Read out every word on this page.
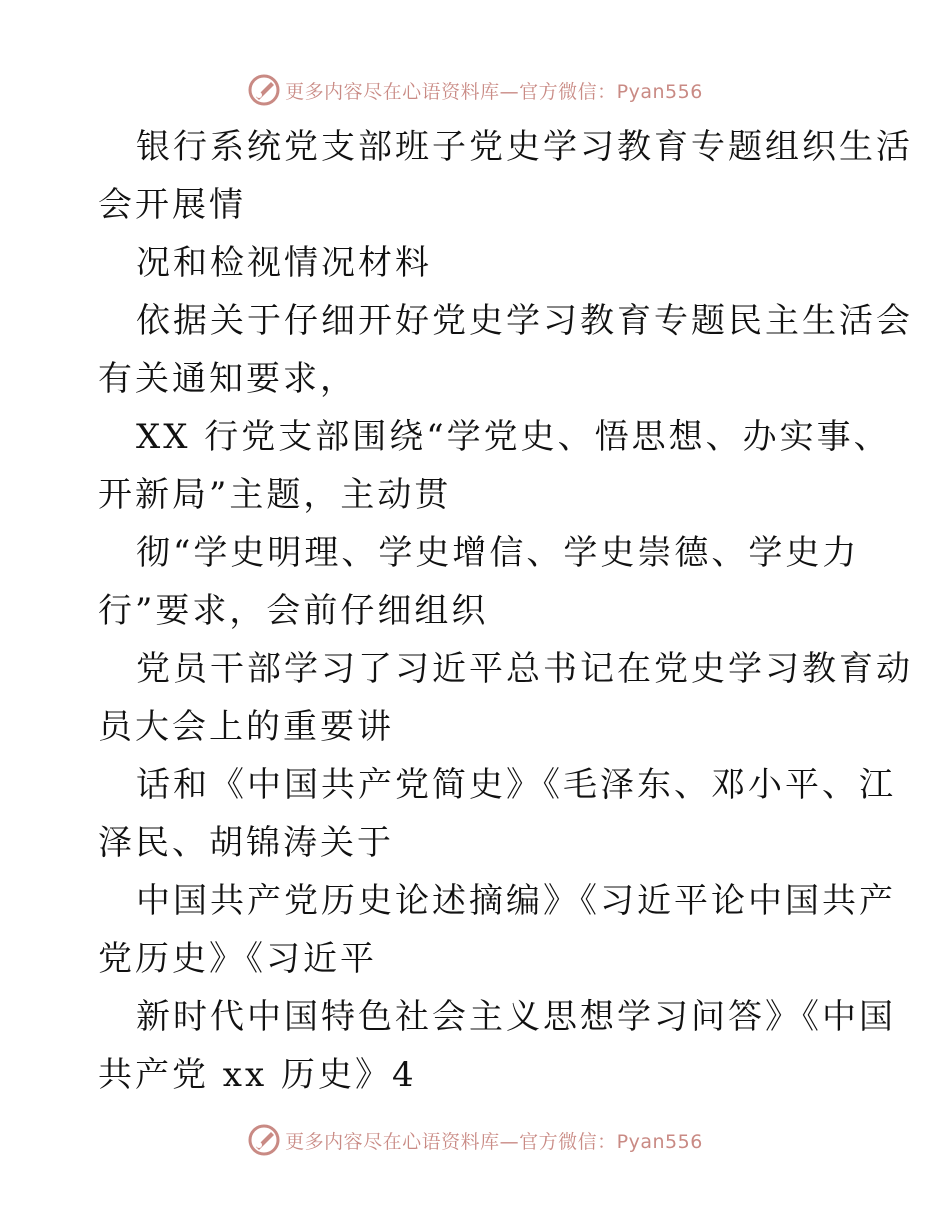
更多内容尽在心语资料库—官方微信：Pyan556

银行系统党支部班子党史学习教育专题组织生活
会开展情

况和检视情况材料

依据关于仔细开好党史学习教育专题民主生活会
有关通知要求，

XX 行党支部围绕“学党史、悟思想、办实事、
开新局”主题，主动贯

彻“学史明理、学史增信、学史崇德、学史力
行”要求，会前仔细组织

党员干部学习了习近平总书记在党史学习教育动
员大会上的重要讲

话和《中国共产党简史》《毛泽东、邓小平、江
泽民、胡锦涛关于

中国共产党历史论述摘编》《习近平论中国共产
党历史》《习近平

新时代中国特色社会主义思想学习问答》《中国
共产党 xx 历史》4

更多内容尽在心语资料库—官方微信：Pyan556
